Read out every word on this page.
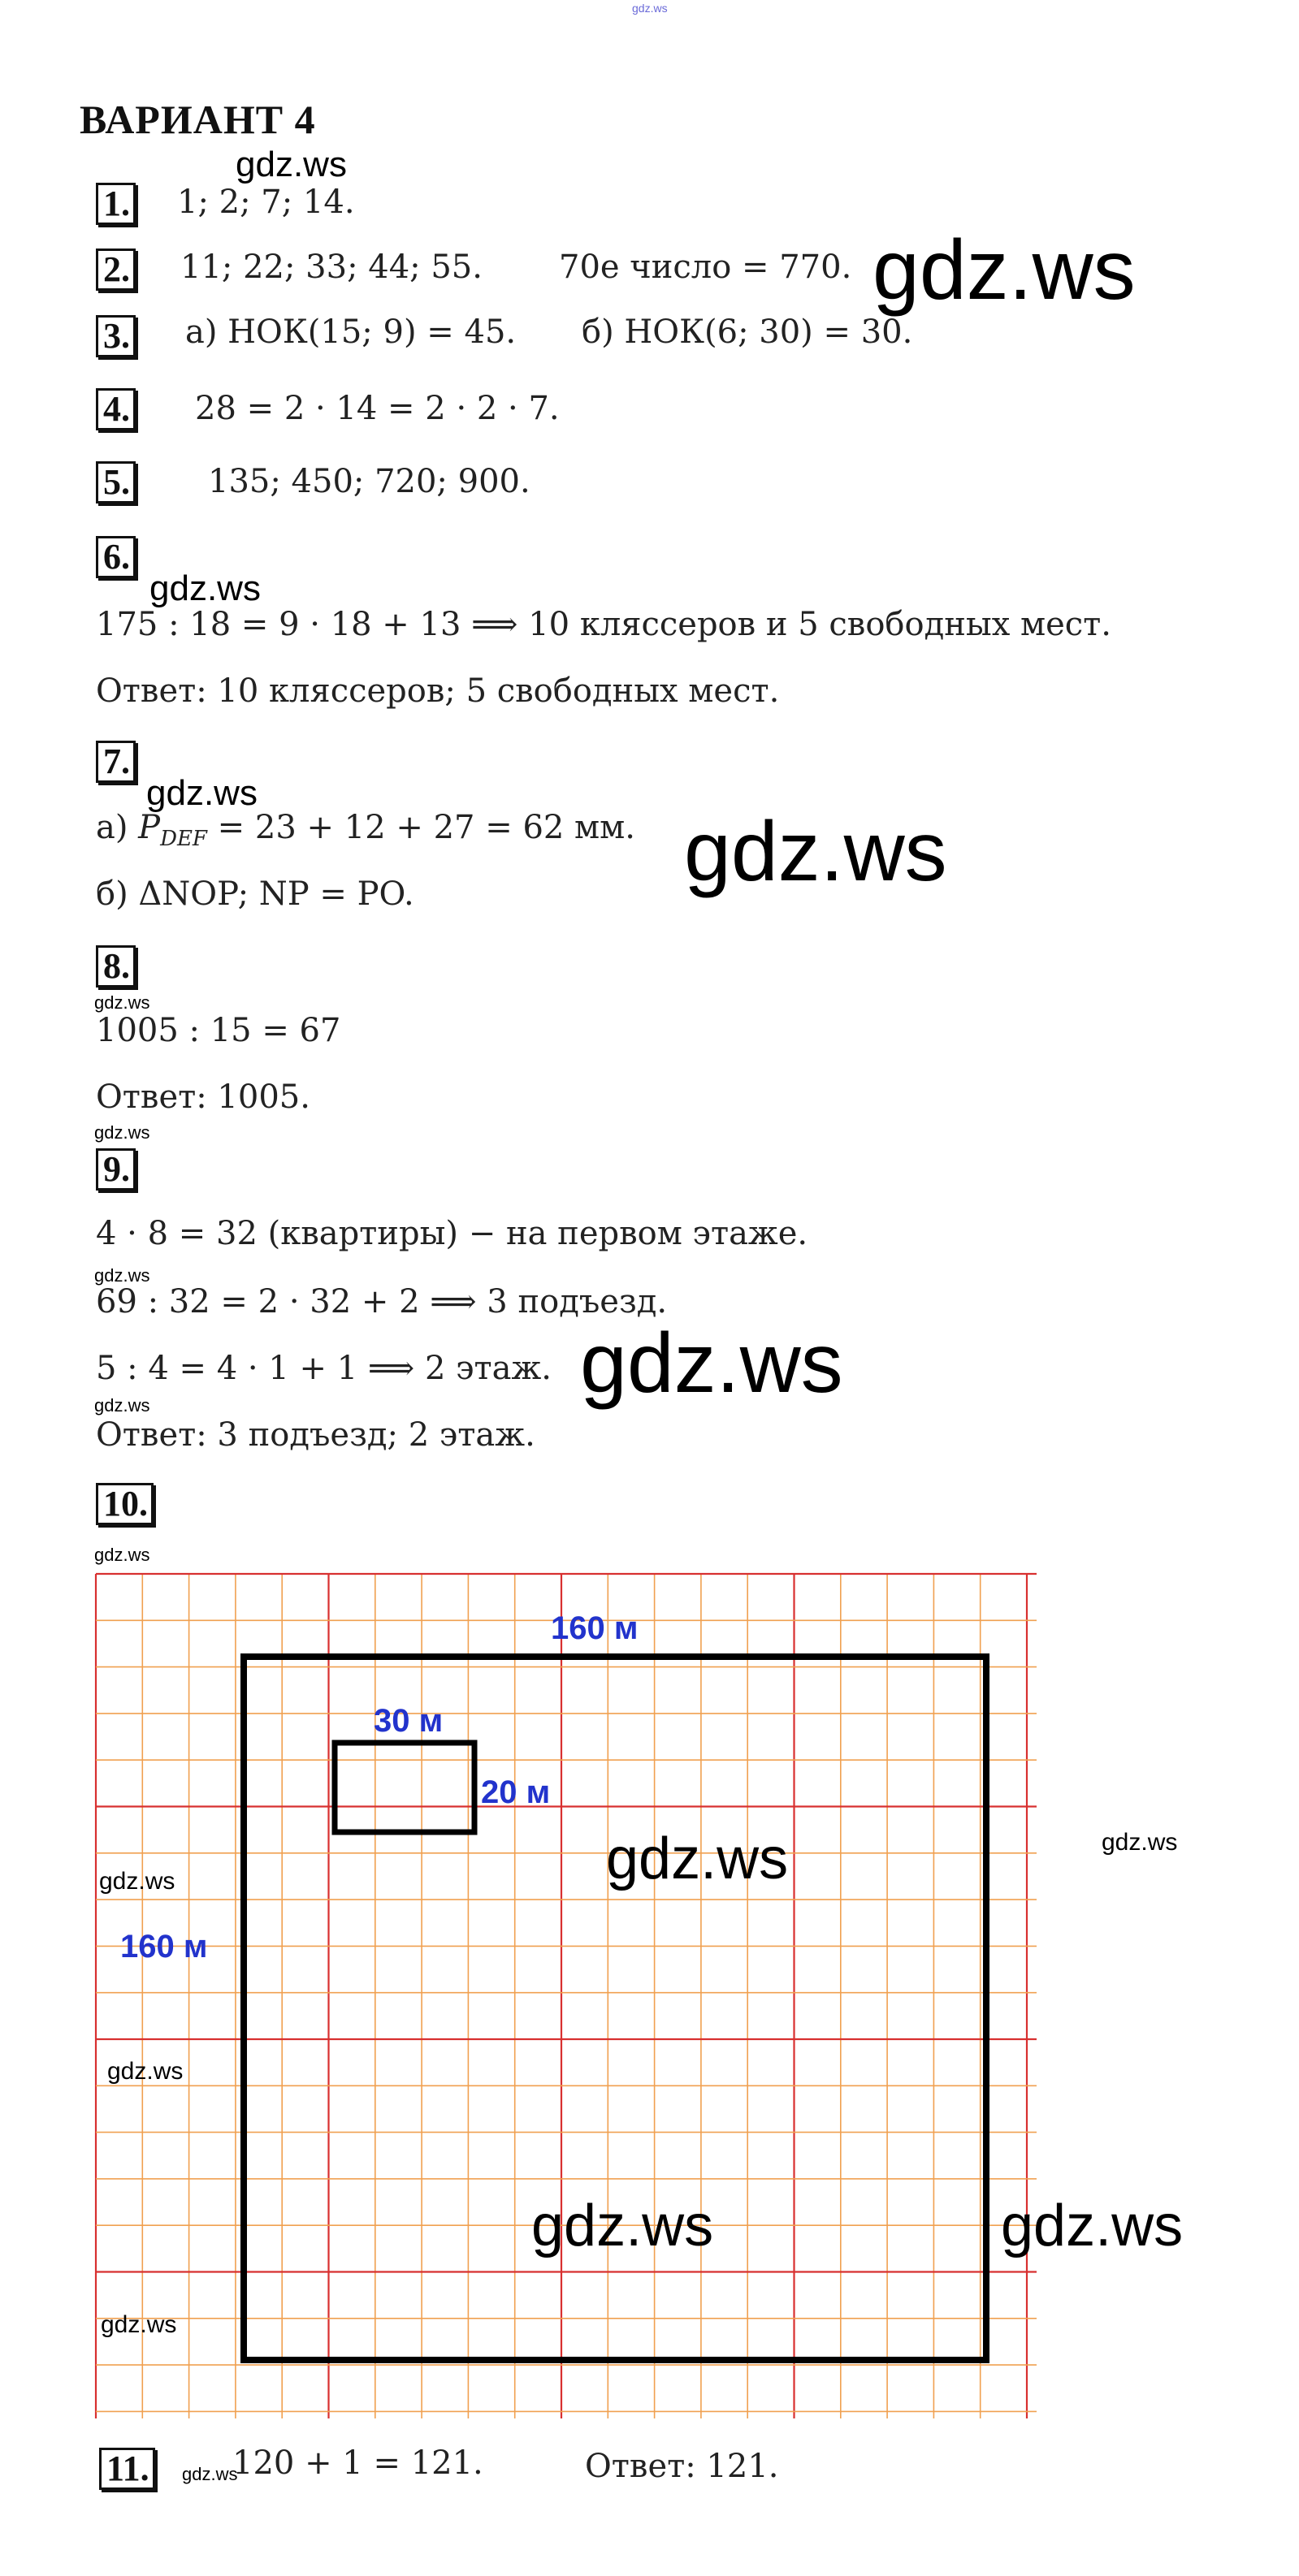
gdz.ws
ВАРИАНТ 4
gdz.ws
1. 1; 2; 7; 14.
2. 11; 22; 33; 44; 55. 70е число = 770. gdz.ws
3. а) НОК(15; 9) = 45. б) НОК(6; 30) = 30.
4. 28 = 2 · 14 = 2 · 2 · 7.
5. 135; 450; 720; 900.
6.
gdz.ws
175 : 18 = 9 · 18 + 13 ⟹ 10 кляссеров и 5 свободных мест.
Ответ: 10 кляссеров; 5 свободных мест.
7.
gdz.ws
а) $P_{DEF} = 23 + 12 + 27 = 62$ мм. gdz.ws
б) ΔNOP; NP = PO.
8.
gdz.ws
1005 : 15 = 67
Ответ: 1005.
gdz.ws
9.
4 · 8 = 32 (квартиры) − на первом этаже.
gdz.ws
69 : 32 = 2 · 32 + 2 ⟹ 3 подъезд.
5 : 4 = 4 · 1 + 1 ⟹ 2 этаж. gdz.ws
gdz.ws
Ответ: 3 подъезд; 2 этаж.
10.
gdz.ws
160 м
160 м
30 м
20 м
gdz.ws	gdz.ws
gdz.ws
gdz.ws
gdz.ws	gdz.ws
gdz.ws
11.	gdz.ws
120 + 1 = 121.	Ответ: 121.
